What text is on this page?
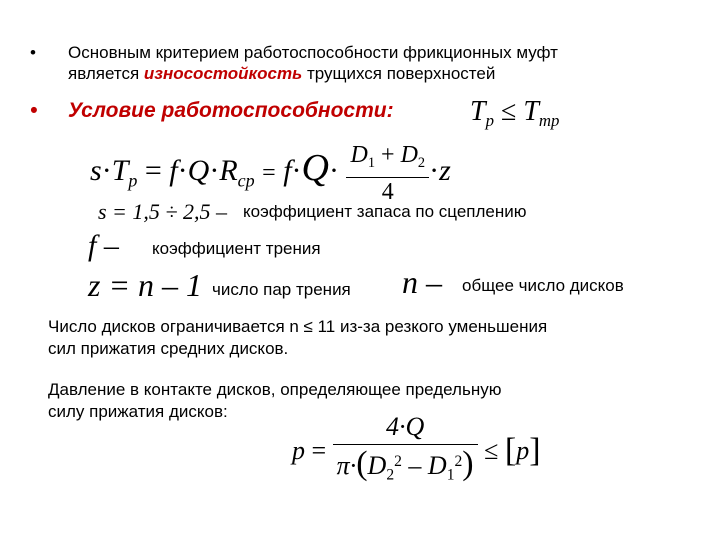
• Основным критерием работоспособности фрикционных муфт
является износостойкость трущихся поверхностей
• Условие работоспособности:	$T_p \le T_{mp}$
$s\cdot T_p = f\cdot Q\cdot R_{cp} = f\cdot Q\cdot \frac{D_1 + D_2}{4} \cdot z$
s = 1,5 ÷ 2,5 – коэффициент запаса по сцеплению
f – коэффициент трения
z = n – 1 число пар трения n – общее число дисков
Число дисков ограничивается n ≤ 11 из-за резкого уменьшения
сил прижатия средних дисков.
Давление в контакте дисков, определяющее предельную
силу прижатия дисков:
$p = \frac{4\cdot Q}{\pi\cdot(D_2^2 - D_1^2)} \le [p]$
